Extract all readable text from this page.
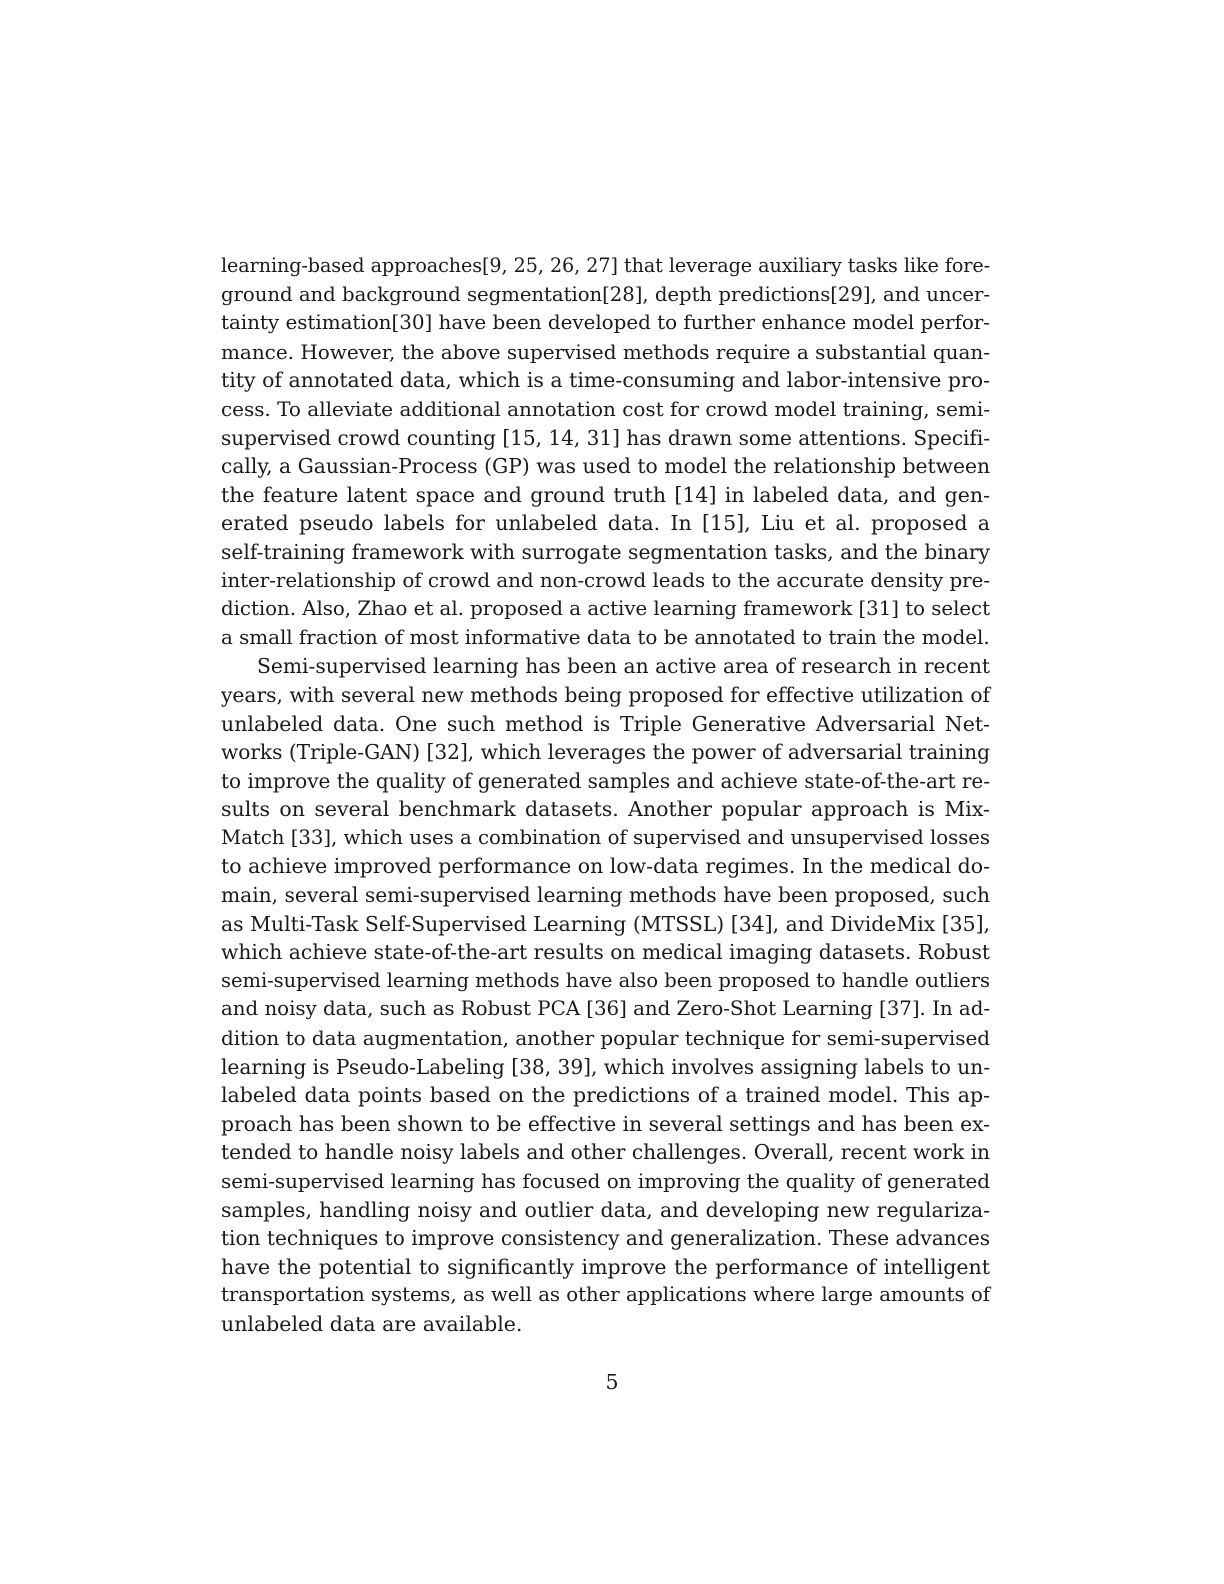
learning-based approaches[9, 25, 26, 27] that leverage auxiliary tasks like fore-
ground and background segmentation[28], depth predictions[29], and uncer-
tainty estimation[30] have been developed to further enhance model perfor-
mance. However, the above supervised methods require a substantial quan-
tity of annotated data, which is a time-consuming and labor-intensive pro-
cess. To alleviate additional annotation cost for crowd model training, semi-
supervised crowd counting [15, 14, 31] has drawn some attentions. Specifi-
cally, a Gaussian-Process (GP) was used to model the relationship between
the feature latent space and ground truth [14] in labeled data, and gen-
erated pseudo labels for unlabeled data. In [15], Liu et al. proposed a
self-training framework with surrogate segmentation tasks, and the binary
inter-relationship of crowd and non-crowd leads to the accurate density pre-
diction. Also, Zhao et al. proposed a active learning framework [31] to select
a small fraction of most informative data to be annotated to train the model.
Semi-supervised learning has been an active area of research in recent
years, with several new methods being proposed for effective utilization of
unlabeled data. One such method is Triple Generative Adversarial Net-
works (Triple-GAN) [32], which leverages the power of adversarial training
to improve the quality of generated samples and achieve state-of-the-art re-
sults on several benchmark datasets. Another popular approach is Mix-
Match [33], which uses a combination of supervised and unsupervised losses
to achieve improved performance on low-data regimes. In the medical do-
main, several semi-supervised learning methods have been proposed, such
as Multi-Task Self-Supervised Learning (MTSSL) [34], and DivideMix [35],
which achieve state-of-the-art results on medical imaging datasets. Robust
semi-supervised learning methods have also been proposed to handle outliers
and noisy data, such as Robust PCA [36] and Zero-Shot Learning [37]. In ad-
dition to data augmentation, another popular technique for semi-supervised
learning is Pseudo-Labeling [38, 39], which involves assigning labels to un-
labeled data points based on the predictions of a trained model. This ap-
proach has been shown to be effective in several settings and has been ex-
tended to handle noisy labels and other challenges. Overall, recent work in
semi-supervised learning has focused on improving the quality of generated
samples, handling noisy and outlier data, and developing new regulariza-
tion techniques to improve consistency and generalization. These advances
have the potential to significantly improve the performance of intelligent
transportation systems, as well as other applications where large amounts of
unlabeled data are available.
5
